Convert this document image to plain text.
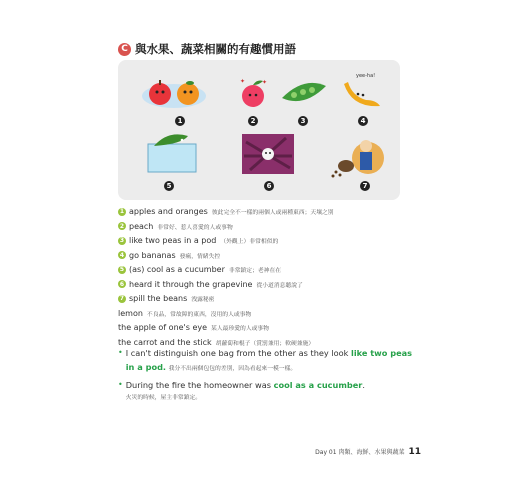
C 與水果、蔬菜相關的有趣慣用語
✦	✦
yee-ha!
1	2	3	4
5	6	7
1 apples and oranges 彼此完全不一樣的兩個人或兩種東西；天壤之別
2 peach 非常好、惹人喜愛的人或事物
3 like two peas in a pod （外觀上）非常相似的
4 go bananas 發瘋，情緒失控
5 (as) cool as a cucumber 非常鎮定；老神在在
6 heard it through the grapevine 從小道消息聽說了
7 spill the beans 洩露秘密
lemon 不良品，常故障的東西，沒用的人或事物
the apple of one's eye 某人最珍愛的人或事物
the carrot and the stick 胡蘿蔔和棍子（賞罰兼用；軟硬兼施）
• I can't distinguish one bag from the other as they look like two peas
in a pod. 我分不出兩個包包的差別，因為看起來一模一樣。
• During the fire the homeowner was cool as a cucumber.
火災的時候，屋主非常鎮定。
Day 01 肉類、海鮮、水果與蔬菜 11
